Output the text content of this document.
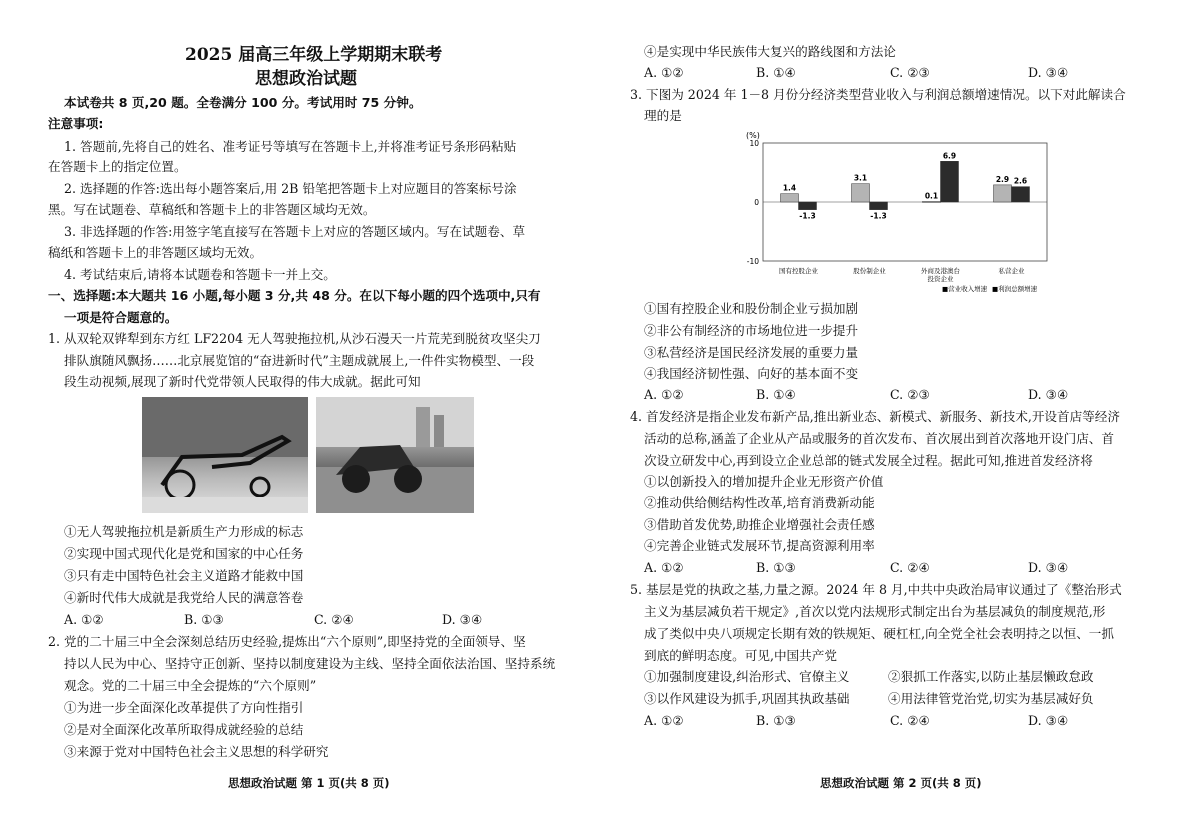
2025 届高三年级上学期期末联考
思想政治试题
本试卷共 8 页,20 题。全卷满分 100 分。考试用时 75 分钟。
注意事项:
1. 答题前,先将自己的姓名、准考证号等填写在答题卡上,并将准考证号条形码粘贴
在答题卡上的指定位置。
2. 选择题的作答:选出每小题答案后,用 2B 铅笔把答题卡上对应题目的答案标号涂
黑。写在试题卷、草稿纸和答题卡上的非答题区域均无效。
3. 非选择题的作答:用签字笔直接写在答题卡上对应的答题区域内。写在试题卷、草
稿纸和答题卡上的非答题区域均无效。
4. 考试结束后,请将本试题卷和答题卡一并上交。
一、选择题:本大题共 16 小题,每小题 3 分,共 48 分。在以下每小题的四个选项中,只有
一项是符合题意的。
1. 从双轮双铧犁到东方红 LF2204 无人驾驶拖拉机,从沙石漫天一片荒芜到脱贫攻坚尖刀
排队旗随风飘扬……北京展览馆的“奋进新时代”主题成就展上,一件件实物模型、一段
段生动视频,展现了新时代党带领人民取得的伟大成就。据此可知
①无人驾驶拖拉机是新质生产力形成的标志
②实现中国式现代化是党和国家的中心任务
③只有走中国特色社会主义道路才能救中国
④新时代伟大成就是我党给人民的满意答卷
A. ①②	B. ①③	C. ②④	D. ③④
2. 党的二十届三中全会深刻总结历史经验,提炼出“六个原则”,即坚持党的全面领导、坚
持以人民为中心、坚持守正创新、坚持以制度建设为主线、坚持全面依法治国、坚持系统
观念。党的二十届三中全会提炼的“六个原则”
①为进一步全面深化改革提供了方向性指引
②是对全面深化改革所取得成就经验的总结
③来源于党对中国特色社会主义思想的科学研究
思想政治试题 第 1 页(共 8 页)
④是实现中华民族伟大复兴的路线图和方法论
A. ①②	B. ①④	C. ②③	D. ③④
3. 下图为 2024 年 1－8 月份分经济类型营业收入与利润总额增速情况。以下对此解读合
理的是
(%)
10
0
-10
1.4
-1.3
3.1
-1.3
0.1
6.9
2.9 2.6
国有控股企业	股份制企业	外商及港澳台
投资企业
私营企业
■营业收入增速 ■利润总额增速
①国有控股企业和股份制企业亏损加剧
②非公有制经济的市场地位进一步提升
③私营经济是国民经济发展的重要力量
④我国经济韧性强、向好的基本面不变
A. ①②	B. ①④	C. ②③	D. ③④
4. 首发经济是指企业发布新产品,推出新业态、新模式、新服务、新技术,开设首店等经济
活动的总称,涵盖了企业从产品或服务的首次发布、首次展出到首次落地开设门店、首
次设立研发中心,再到设立企业总部的链式发展全过程。据此可知,推进首发经济将
①以创新投入的增加提升企业无形资产价值
②推动供给侧结构性改革,培育消费新动能
③借助首发优势,助推企业增强社会责任感
④完善企业链式发展环节,提高资源利用率
A. ①②	B. ①③	C. ②④	D. ③④
5. 基层是党的执政之基,力量之源。2024 年 8 月,中共中央政治局审议通过了《整治形式
主义为基层减负若干规定》,首次以党内法规形式制定出台为基层减负的制度规范,形
成了类似中央八项规定长期有效的铁规矩、硬杠杠,向全党全社会表明持之以恒、一抓
到底的鲜明态度。可见,中国共产党
①加强制度建设,纠治形式、官僚主义	②狠抓工作落实,以防止基层懒政怠政
③以作风建设为抓手,巩固其执政基础	④用法律管党治党,切实为基层减好负
A. ①②	B. ①③	C. ②④	D. ③④
思想政治试题 第 2 页(共 8 页)
